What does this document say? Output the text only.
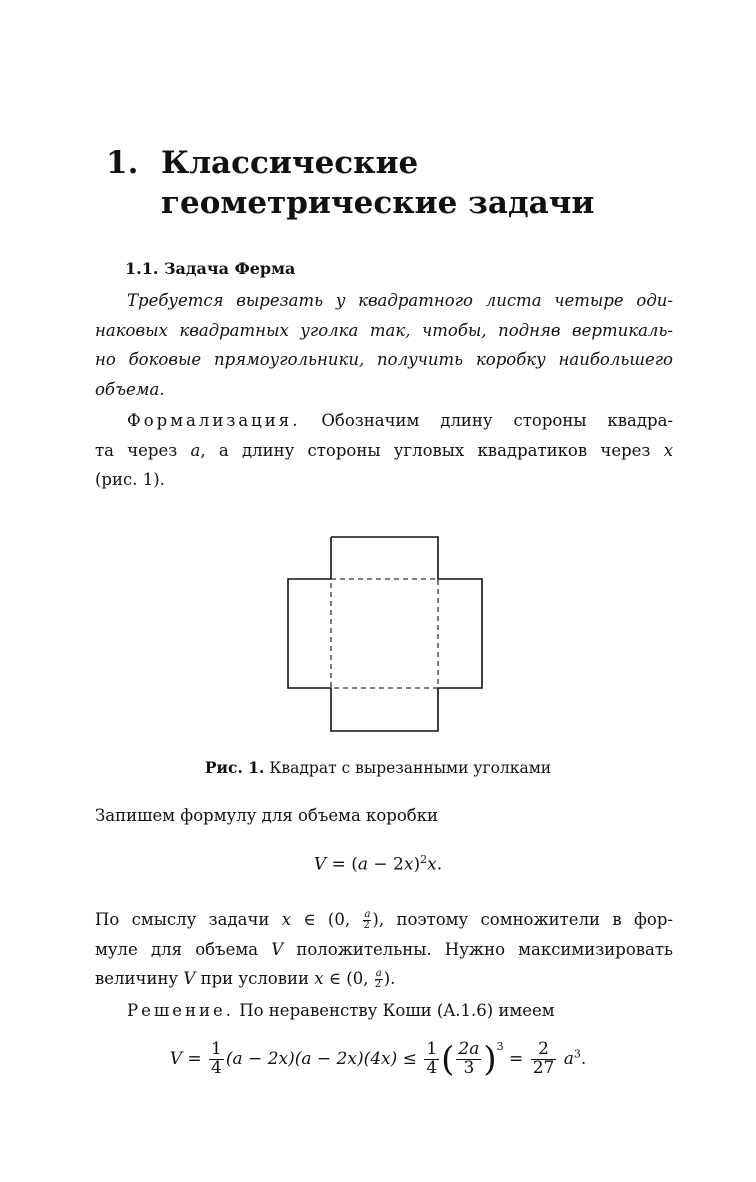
1. Классические
геометрические задачи
1.1. Задача Ферма
Требуется вырезать у квадратного листа четыре оди-
наковых квадратных уголка так, чтобы, подняв вертикаль-
но боковые прямоугольники, получить коробку наибольшего
объема.
Формализация. Обозначим длину стороны квадра-
та через a, а длину стороны угловых квадратиков через x
(рис. 1).
Рис. 1. Квадрат с вырезанными уголками
Запишем формулу для объема коробки
$V = (a - 2x)^2x$.
По смыслу задачи x ∈ (0, $\frac{a}{2}$ ), поэтому сомножители в фор-
муле для объема V положительны. Нужно максимизировать
величину V при условии x ∈ (0, $\frac{a}{2}$ ).
Решение. По неравенству Коши (A.1.6) имеем
$V = \frac{1}{4} (a - 2x)(a - 2x)(4x) \le \frac{1}{4}$ ( $\frac{2a}{3} )^3 = \frac{2}{27} a^3$.
